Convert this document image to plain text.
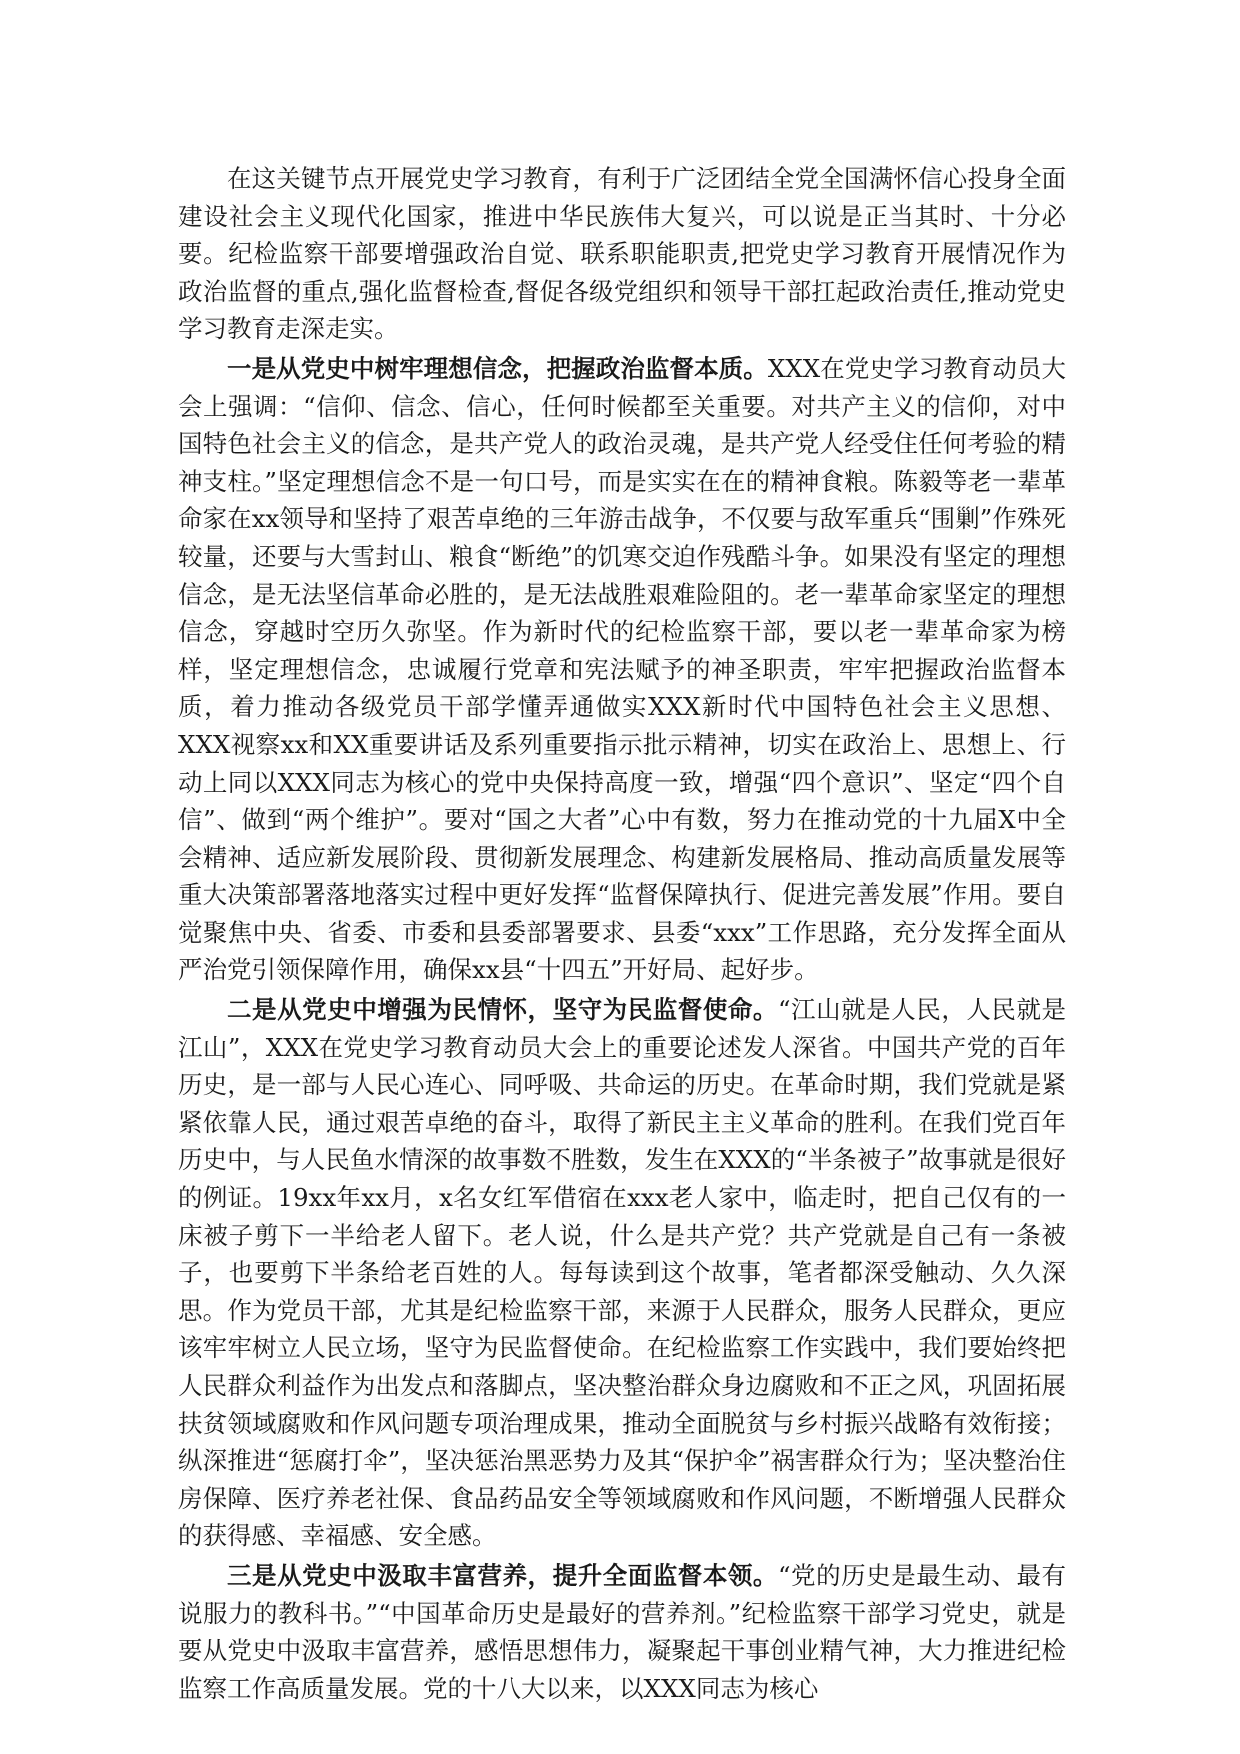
在这关键节点开展党史学习教育，有利于广泛团结全党全国满怀信心投身全面建设社会主义现代化国家，推进中华民族伟大复兴，可以说是正当其时、十分必要。纪检监察干部要增强政治自觉、联系职能职责,把党史学习教育开展情况作为政治监督的重点,强化监督检查,督促各级党组织和领导干部扛起政治责任,推动党史学习教育走深走实。

一是从党史中树牢理想信念，把握政治监督本质。XXX在党史学习教育动员大会上强调：“信仰、信念、信心，任何时候都至关重要。对共产主义的信仰，对中国特色社会主义的信念，是共产党人的政治灵魂，是共产党人经受住任何考验的精神支柱。”坚定理想信念不是一句口号，而是实实在在的精神食粮。陈毅等老一辈革命家在xx领导和坚持了艰苦卓绝的三年游击战争，不仅要与敌军重兵“围剿”作殊死较量，还要与大雪封山、粮食“断绝”的饥寒交迫作残酷斗争。如果没有坚定的理想信念，是无法坚信革命必胜的，是无法战胜艰难险阻的。老一辈革命家坚定的理想信念，穿越时空历久弥坚。作为新时代的纪检监察干部，要以老一辈革命家为榜样，坚定理想信念，忠诚履行党章和宪法赋予的神圣职责，牢牢把握政治监督本质，着力推动各级党员干部学懂弄通做实XXX新时代中国特色社会主义思想、XXX视察xx和XX重要讲话及系列重要指示批示精神，切实在政治上、思想上、行动上同以XXX同志为核心的党中央保持高度一致，增强“四个意识”、坚定“四个自信”、做到“两个维护”。要对“国之大者”心中有数，努力在推动党的十九届X中全会精神、适应新发展阶段、贯彻新发展理念、构建新发展格局、推动高质量发展等重大决策部署落地落实过程中更好发挥“监督保障执行、促进完善发展”作用。要自觉聚焦中央、省委、市委和县委部署要求、县委“xxx”工作思路，充分发挥全面从严治党引领保障作用，确保xx县“十四五”开好局、起好步。

二是从党史中增强为民情怀，坚守为民监督使命。“江山就是人民，人民就是江山”，XXX在党史学习教育动员大会上的重要论述发人深省。中国共产党的百年历史，是一部与人民心连心、同呼吸、共命运的历史。在革命时期，我们党就是紧紧依靠人民，通过艰苦卓绝的奋斗，取得了新民主主义革命的胜利。在我们党百年历史中，与人民鱼水情深的故事数不胜数，发生在XXX的“半条被子”故事就是很好的例证。19xx年xx月，x名女红军借宿在xxx老人家中，临走时，把自己仅有的一床被子剪下一半给老人留下。老人说，什么是共产党？共产党就是自己有一条被子，也要剪下半条给老百姓的人。每每读到这个故事，笔者都深受触动、久久深思。作为党员干部，尤其是纪检监察干部，来源于人民群众，服务人民群众，更应该牢牢树立人民立场，坚守为民监督使命。在纪检监察工作实践中，我们要始终把人民群众利益作为出发点和落脚点，坚决整治群众身边腐败和不正之风，巩固拓展扶贫领域腐败和作风问题专项治理成果，推动全面脱贫与乡村振兴战略有效衔接；纵深推进“惩腐打伞”，坚决惩治黑恶势力及其“保护伞”祸害群众行为；坚决整治住房保障、医疗养老社保、食品药品安全等领域腐败和作风问题，不断增强人民群众的获得感、幸福感、安全感。

三是从党史中汲取丰富营养，提升全面监督本领。“党的历史是最生动、最有说服力的教科书。”“中国革命历史是最好的营养剂。”纪检监察干部学习党史，就是要从党史中汲取丰富营养，感悟思想伟力，凝聚起干事创业精气神，大力推进纪检监察工作高质量发展。党的十八大以来，以XXX同志为核心
